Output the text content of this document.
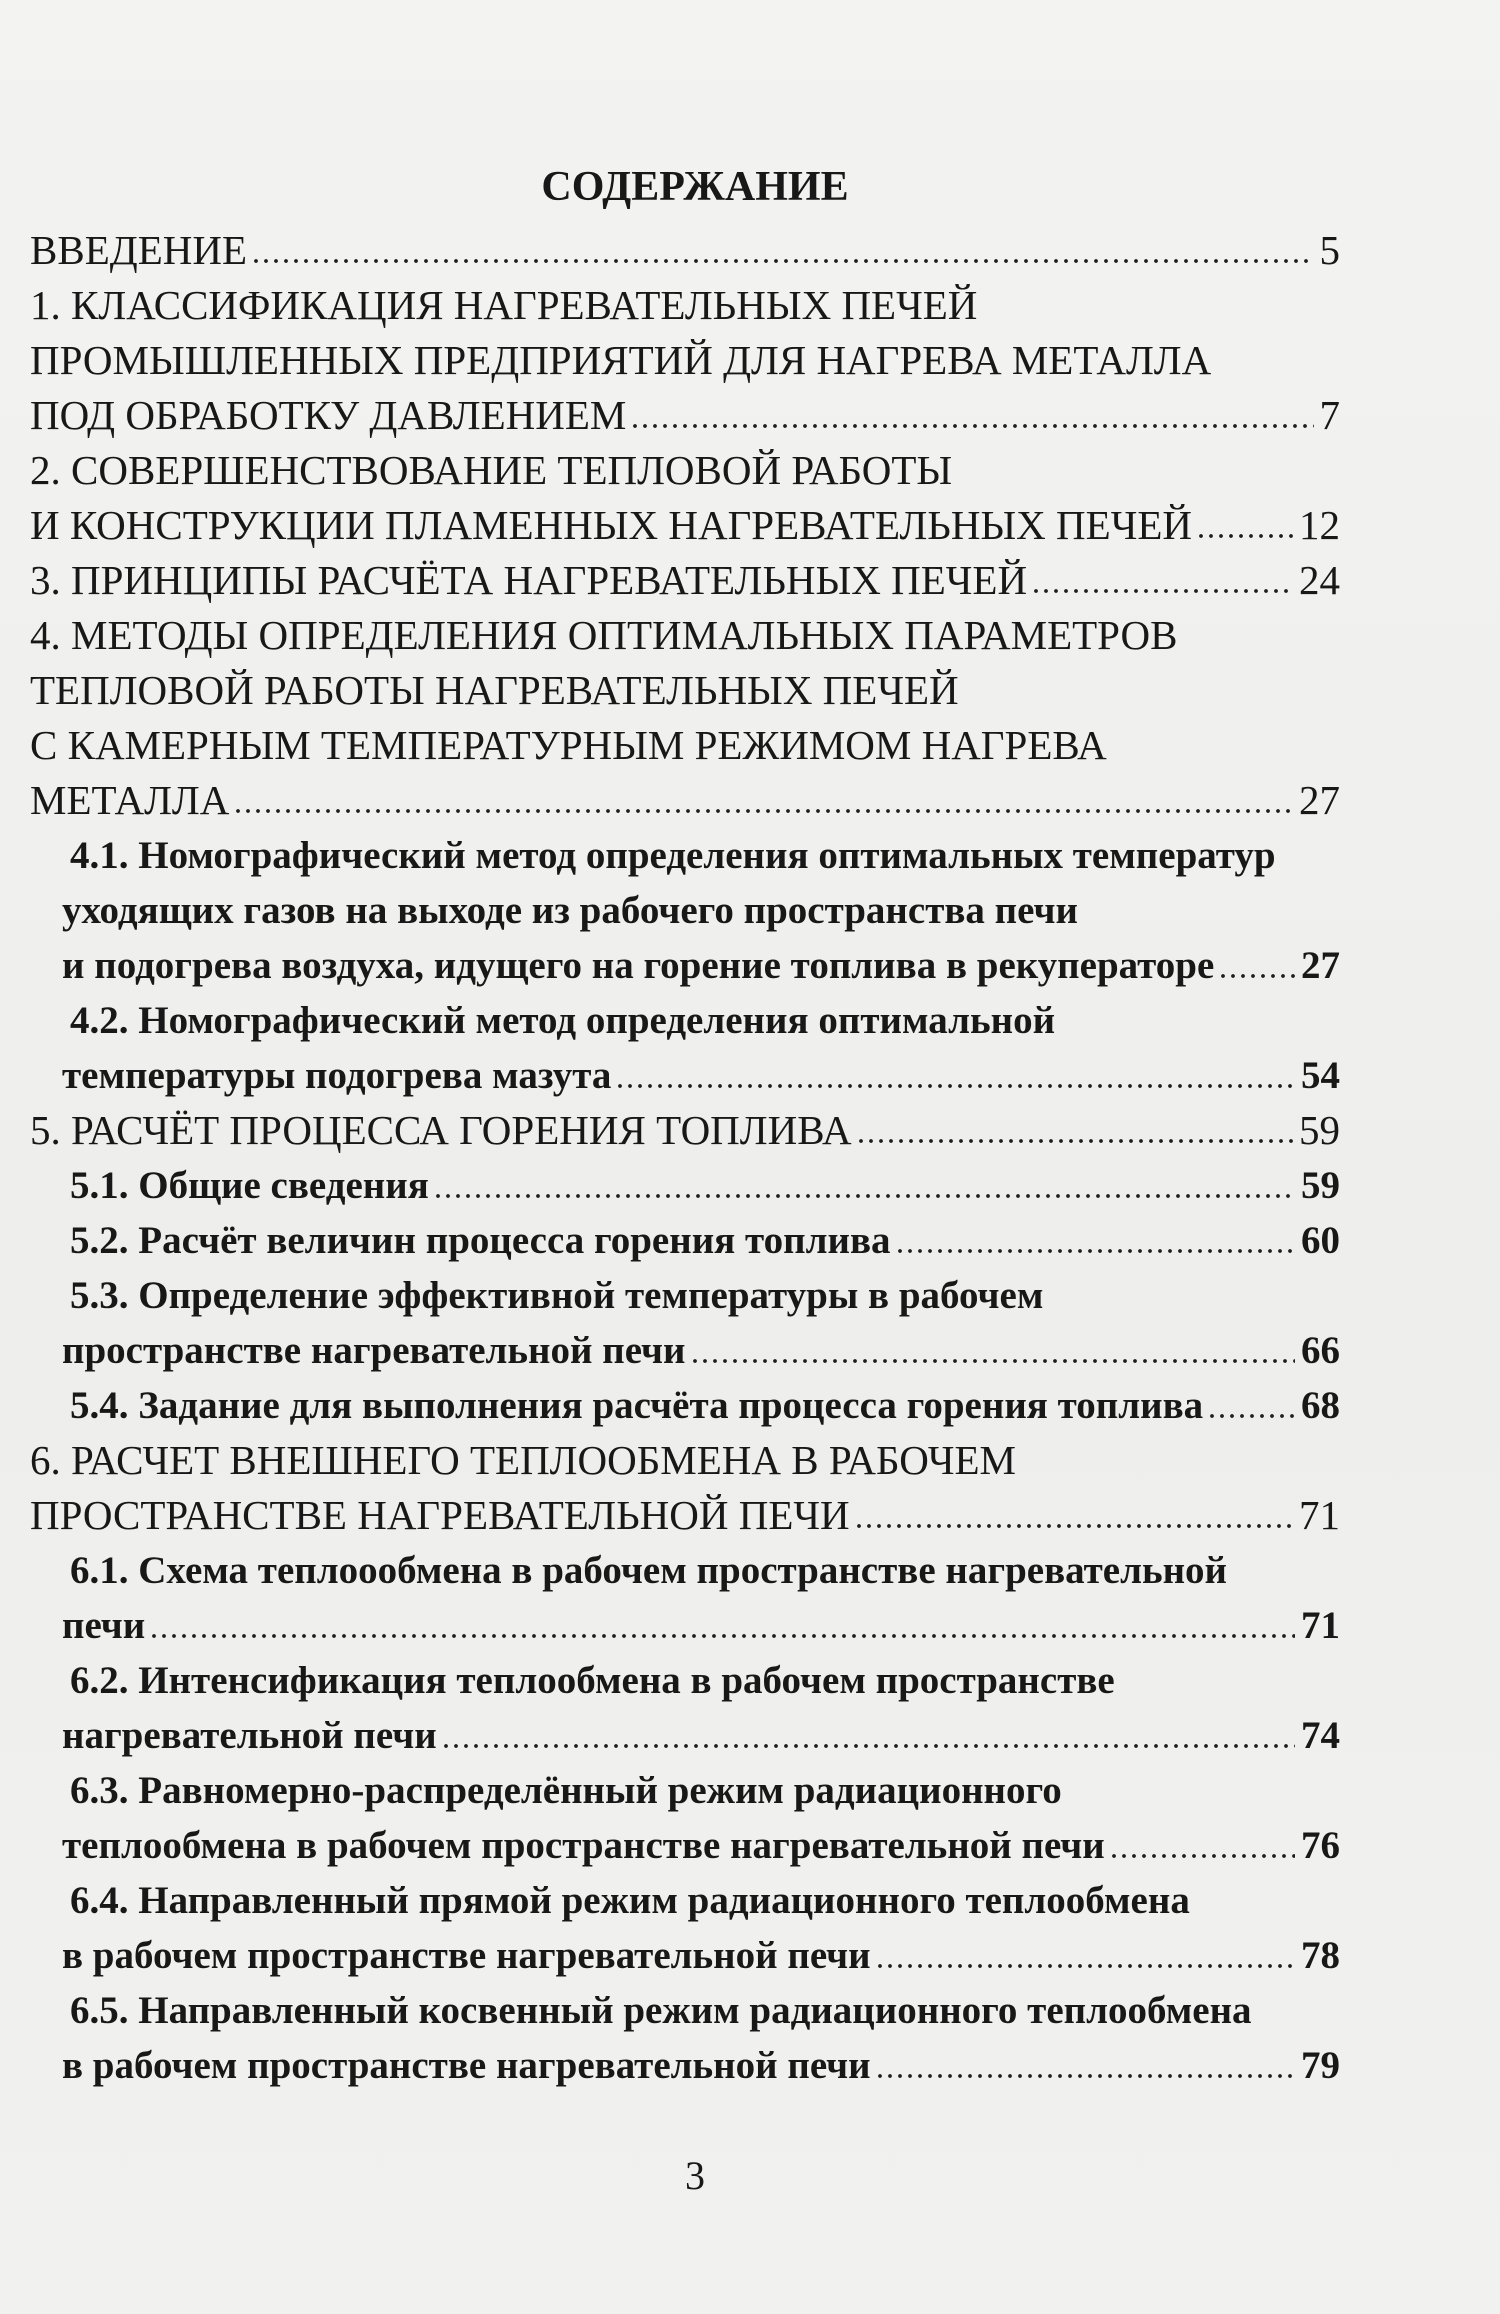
СОДЕРЖАНИЕ
ВВЕДЕНИЕ	5
1. КЛАССИФИКАЦИЯ НАГРЕВАТЕЛЬНЫХ ПЕЧЕЙ
ПРОМЫШЛЕННЫХ ПРЕДПРИЯТИЙ ДЛЯ НАГРЕВА МЕТАЛЛА
ПОД ОБРАБОТКУ ДАВЛЕНИЕМ	7
2. СОВЕРШЕНСТВОВАНИЕ ТЕПЛОВОЙ РАБОТЫ
И КОНСТРУКЦИИ ПЛАМЕННЫХ НАГРЕВАТЕЛЬНЫХ ПЕЧЕЙ	12
3. ПРИНЦИПЫ РАСЧЁТА НАГРЕВАТЕЛЬНЫХ ПЕЧЕЙ	24
4. МЕТОДЫ ОПРЕДЕЛЕНИЯ ОПТИМАЛЬНЫХ ПАРАМЕТРОВ
ТЕПЛОВОЙ РАБОТЫ НАГРЕВАТЕЛЬНЫХ ПЕЧЕЙ
С КАМЕРНЫМ ТЕМПЕРАТУРНЫМ РЕЖИМОМ НАГРЕВА
МЕТАЛЛА	27
4.1. Номографический метод определения оптимальных температур
уходящих газов на выходе из рабочего пространства печи
и подогрева воздуха, идущего на горение топлива в рекуператоре 27
4.2. Номографический метод определения оптимальной
температуры подогрева мазута	54
5. РАСЧЁТ ПРОЦЕССА ГОРЕНИЯ ТОПЛИВА	59
5.1. Общие сведения	59
5.2. Расчёт величин процесса горения топлива	60
5.3. Определение эффективной температуры в рабочем
пространстве нагревательной печи	66
5.4. Задание для выполнения расчёта процесса горения топлива	68
6. РАСЧЕТ ВНЕШНЕГО ТЕПЛООБМЕНА В РАБОЧЕМ
ПРОСТРАНСТВЕ НАГРЕВАТЕЛЬНОЙ ПЕЧИ	71
6.1. Схема теплоообмена в рабочем пространстве нагревательной
печи	71
6.2. Интенсификация теплообмена в рабочем пространстве
нагревательной печи	74
6.3. Равномерно-распределённый режим радиационного
теплообмена в рабочем пространстве нагревательной печи	76
6.4. Направленный прямой режим радиационного теплообмена
в рабочем пространстве нагревательной печи	78
6.5. Направленный косвенный режим радиационного теплообмена
в рабочем пространстве нагревательной печи	79
3
